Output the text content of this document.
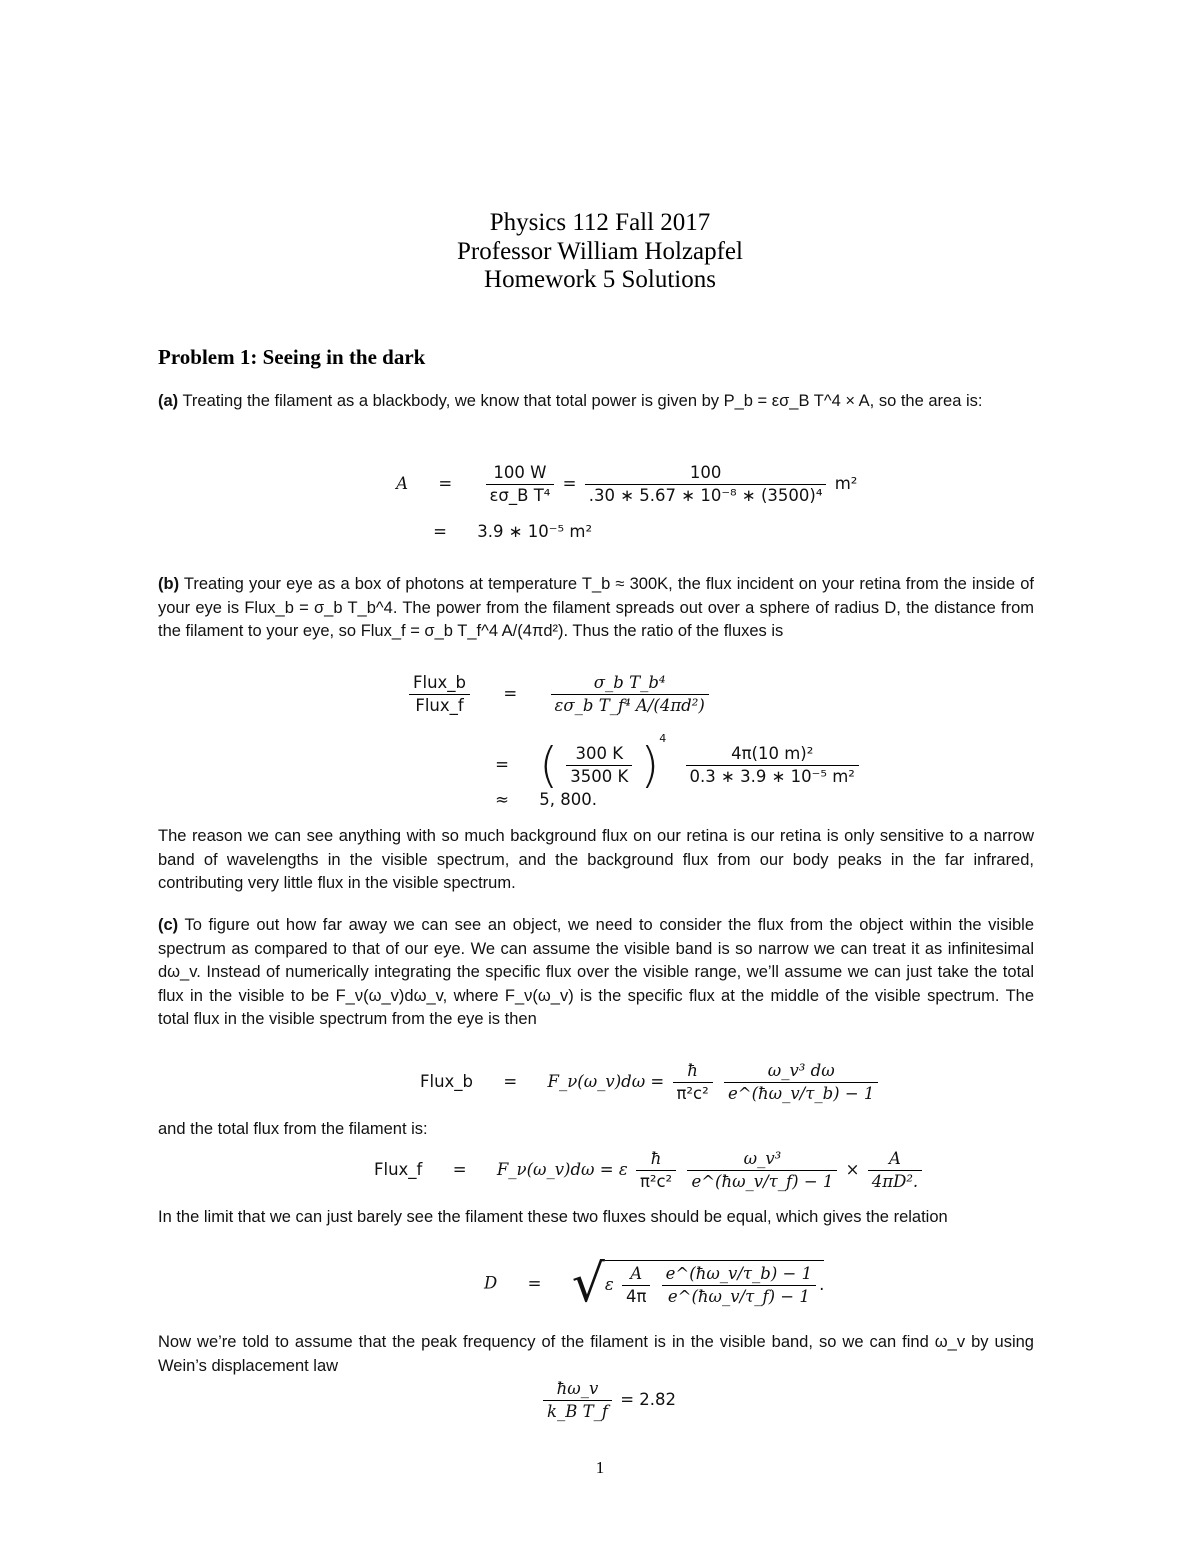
Physics 112 Fall 2017
Professor William Holzapfel
Homework 5 Solutions
Problem 1: Seeing in the dark
(a) Treating the filament as a blackbody, we know that total power is given by P_b = εσ_B T^4 × A, so the area is:
$A = \frac{100 W}{\text{εσ\_B T⁴}} = \frac{100}{\text{.30 ∗ 5.67 ∗ 10⁻⁸ ∗ (3500)⁴}} m^2$
= 3.9 ∗ 10⁻⁵ m²
(b) Treating your eye as a box of photons at temperature T_b ≈ 300K, the flux incident on your retina from the inside of your eye is Flux_b = σ_b T_b^4. The power from the filament spreads out over a sphere of radius D, the distance from the filament to your eye, so Flux_f = σ_b T_f^4 A/(4πd²). Thus the ratio of the fluxes is
$\frac{\text{Flux\_b}}{\text{Flux\_f}} = \frac{\text{σ\_b T\_b⁴}}{\text{εσ\_b T\_f⁴ A/(4πd²)}}$
= ( $\frac{300 K}{3500 K} )^4$
$\frac{\text{4π(10 m)²}}{\text{0.3 ∗ 3.9 ∗ 10⁻⁵ m²}}$
≈ 5, 800.
The reason we can see anything with so much background flux on our retina is our retina is only sensitive to a narrow band of wavelengths in the visible spectrum, and the background flux from our body peaks in the far infrared, contributing very little flux in the visible spectrum.
(c) To figure out how far away we can see an object, we need to consider the flux from the object within the visible spectrum as compared to that of our eye. We can assume the visible band is so narrow we can treat it as infinitesimal dω_v. Instead of numerically integrating the specific flux over the visible range, we’ll assume we can just take the total flux in the visible to be F_ν(ω_v)dω_v, where F_ν(ω_v) is the specific flux at the middle of the visible spectrum. The total flux in the visible spectrum from the eye is then
Flux_b = F_ν(ω_v)dω = $\frac{ħ}{\text{π²c²}}$
$\frac{\text{ω\_v³ dω}}{e\^{}(ħ\omega\_v/\tau\_b) - 1}$
and the total flux from the filament is:
Flux_f = F_ν(ω_v)dω = ε $\frac{ħ}{\text{π²c²}}$
$\frac{\text{ω\_v³}}{e\^{}(ħ\omega\_v/\tau\_f) - 1} \times \frac{A}{\text{4πD².}}$
In the limit that we can just barely see the filament these two fluxes should be equal, which gives the relation
$D = √\varepsilon \frac{A}{4\pi}$
$\frac{e\^{}(ħ\omega\_v/\tau\_b) - 1}{e\^{}(ħ\omega\_v/\tau\_f) - 1}$ .
Now we’re told to assume that the peak frequency of the filament is in the visible band, so we can find ω_v by using Wein’s displacement law
$\frac{ħ\omega\_v}{\text{k\_B T\_f}} = 2.82$
1
